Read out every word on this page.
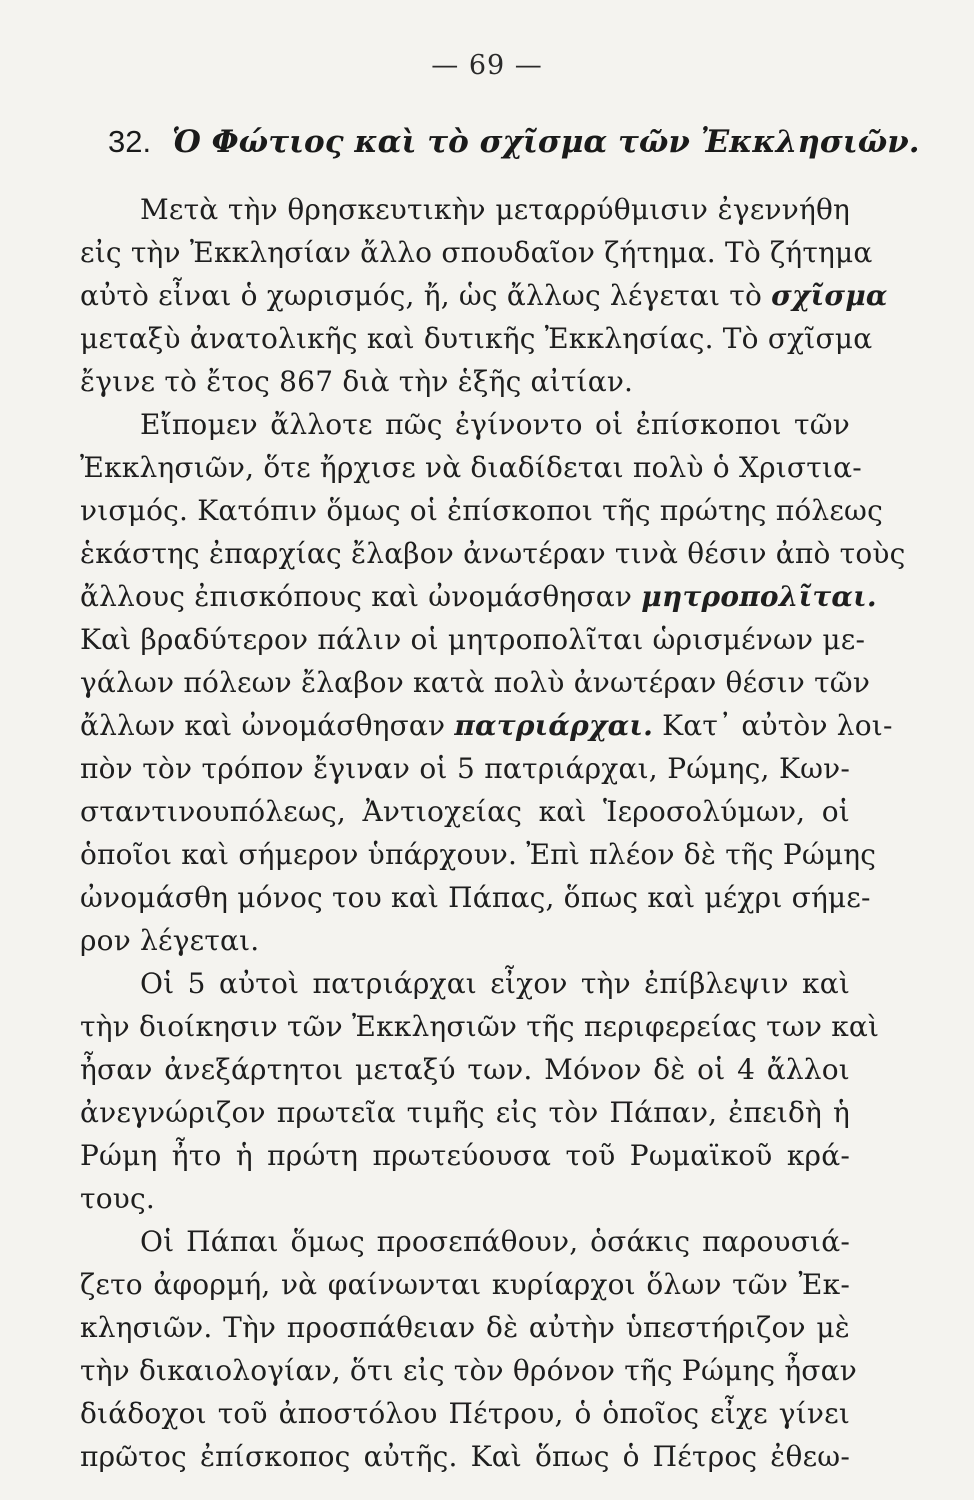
— 69 —
32. Ὁ Φώτιος καὶ τὸ σχῖσμα τῶν Ἐκκλησιῶν.
Μετὰ τὴν θρησκευτικὴν μεταρρύθμισιν ἐγεννήθη
εἰς τὴν Ἐκκλησίαν ἄλλο σπουδαῖον ζήτημα. Τὸ ζήτημα
αὐτὸ εἶναι ὁ χωρισμός, ἤ, ὡς ἄλλως λέγεται τὸ σχῖσμα
μεταξὺ ἀνατολικῆς καὶ δυτικῆς Ἐκκλησίας. Τὸ σχῖσμα
ἔγινε τὸ ἔτος 867 διὰ τὴν ἑξῆς αἰτίαν.
Εἴπομεν ἄλλοτε πῶς ἐγίνοντο οἱ ἐπίσκοποι τῶν
Ἐκκλησιῶν, ὅτε ἤρχισε νὰ διαδίδεται πολὺ ὁ Χριστια-
νισμός. Κατόπιν ὅμως οἱ ἐπίσκοποι τῆς πρώτης πόλεως
ἑκάστης ἐπαρχίας ἔλαβον ἀνωτέραν τινὰ θέσιν ἀπὸ τοὺς
ἄλλους ἐπισκόπους καὶ ὠνομάσθησαν μητροπολῖται.
Καὶ βραδύτερον πάλιν οἱ μητροπολῖται ὡρισμένων με-
γάλων πόλεων ἔλαβον κατὰ πολὺ ἀνωτέραν θέσιν τῶν
ἄλλων καὶ ὠνομάσθησαν πατριάρχαι. Κατ᾽ αὐτὸν λοι-
πὸν τὸν τρόπον ἔγιναν οἱ 5 πατριάρχαι, Ρώμης, Κων-
σταντινουπόλεως, Ἀντιοχείας καὶ Ἱεροσολύμων, οἱ
ὁποῖοι καὶ σήμερον ὑπάρχουν. Ἐπὶ πλέον δὲ τῆς Ρώμης
ὠνομάσθη μόνος του καὶ Πάπας, ὅπως καὶ μέχρι σήμε-
ρον λέγεται.
Οἱ 5 αὐτοὶ πατριάρχαι εἶχον τὴν ἐπίβλεψιν καὶ
τὴν διοίκησιν τῶν Ἐκκλησιῶν τῆς περιφερείας των καὶ
ἦσαν ἀνεξάρτητοι μεταξύ των. Μόνον δὲ οἱ 4 ἄλλοι
ἀνεγνώριζον πρωτεῖα τιμῆς εἰς τὸν Πάπαν, ἐπειδὴ ἡ
Ρώμη ἦτο ἡ πρώτη πρωτεύουσα τοῦ Ρωμαϊκοῦ κρά-
τους.
Οἱ Πάπαι ὅμως προσεπάθουν, ὁσάκις παρουσιά-
ζετο ἀφορμή, νὰ φαίνωνται κυρίαρχοι ὅλων τῶν Ἐκ-
κλησιῶν. Τὴν προσπάθειαν δὲ αὐτὴν ὑπεστήριζον μὲ
τὴν δικαιολογίαν, ὅτι εἰς τὸν θρόνον τῆς Ρώμης ἦσαν
διάδοχοι τοῦ ἀποστόλου Πέτρου, ὁ ὁποῖος εἶχε γίνει
πρῶτος ἐπίσκοπος αὐτῆς. Καὶ ὅπως ὁ Πέτρος ἐθεω-
